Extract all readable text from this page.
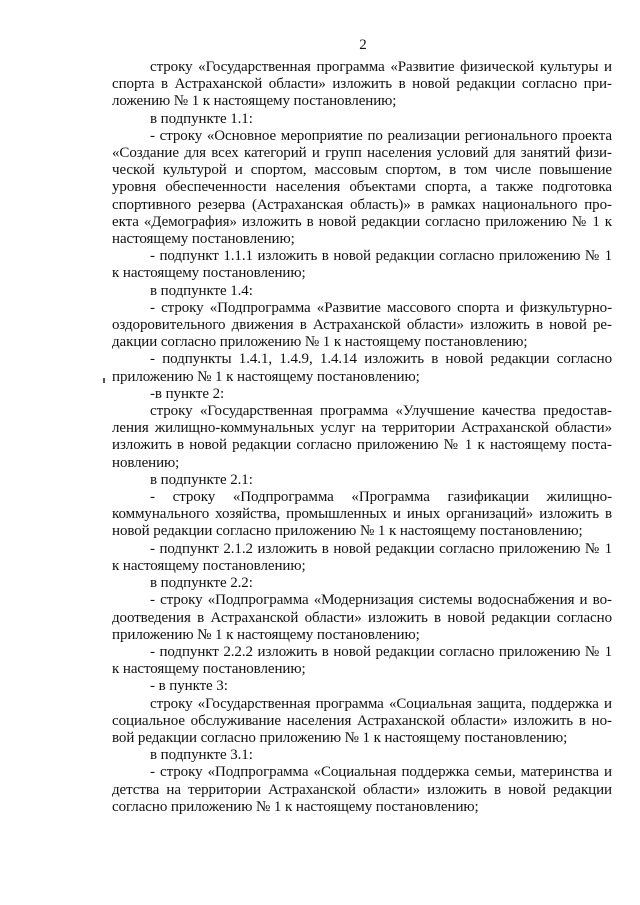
2

строку «Государственная программа «Развитие физической культуры и спорта в Астраханской области» изложить в новой редакции согласно приложению № 1 к настоящему постановлению;

в подпункте 1.1:

- строку «Основное мероприятие по реализации регионального проекта «Создание для всех категорий и групп населения условий для занятий физической культурой и спортом, массовым спортом, в том числе повышение уровня обеспеченности населения объектами спорта, а также подготовка спортивного резерва (Астраханская область)» в рамках национального проекта «Демография» изложить в новой редакции согласно приложению № 1 к настоящему постановлению;

- подпункт 1.1.1 изложить в новой редакции согласно приложению № 1 к настоящему постановлению;

в подпункте 1.4:

- строку «Подпрограмма «Развитие массового спорта и физкультурно-оздоровительного движения в Астраханской области» изложить в новой редакции согласно приложению № 1 к настоящему постановлению;

- подпункты 1.4.1, 1.4.9, 1.4.14 изложить в новой редакции согласно приложению № 1 к настоящему постановлению;

-в пункте 2:

строку «Государственная программа «Улучшение качества предоставления жилищно-коммунальных услуг на территории Астраханской области» изложить в новой редакции согласно приложению № 1 к настоящему постановлению;

в подпункте 2.1:

- строку «Подпрограмма «Программа газификации жилищно-коммунального хозяйства, промышленных и иных организаций» изложить в новой редакции согласно приложению № 1 к настоящему постановлению;

- подпункт 2.1.2 изложить в новой редакции согласно приложению № 1 к настоящему постановлению;

в подпункте 2.2:

- строку «Подпрограмма «Модернизация системы водоснабжения и водоотведения в Астраханской области» изложить в новой редакции согласно приложению № 1 к настоящему постановлению;

- подпункт 2.2.2 изложить в новой редакции согласно приложению № 1 к настоящему постановлению;

- в пункте 3:

строку «Государственная программа «Социальная защита, поддержка и социальное обслуживание населения Астраханской области» изложить в новой редакции согласно приложению № 1 к настоящему постановлению;

в подпункте 3.1:

- строку «Подпрограмма «Социальная поддержка семьи, материнства и детства на территории Астраханской области» изложить в новой редакции согласно приложению № 1 к настоящему постановлению;
